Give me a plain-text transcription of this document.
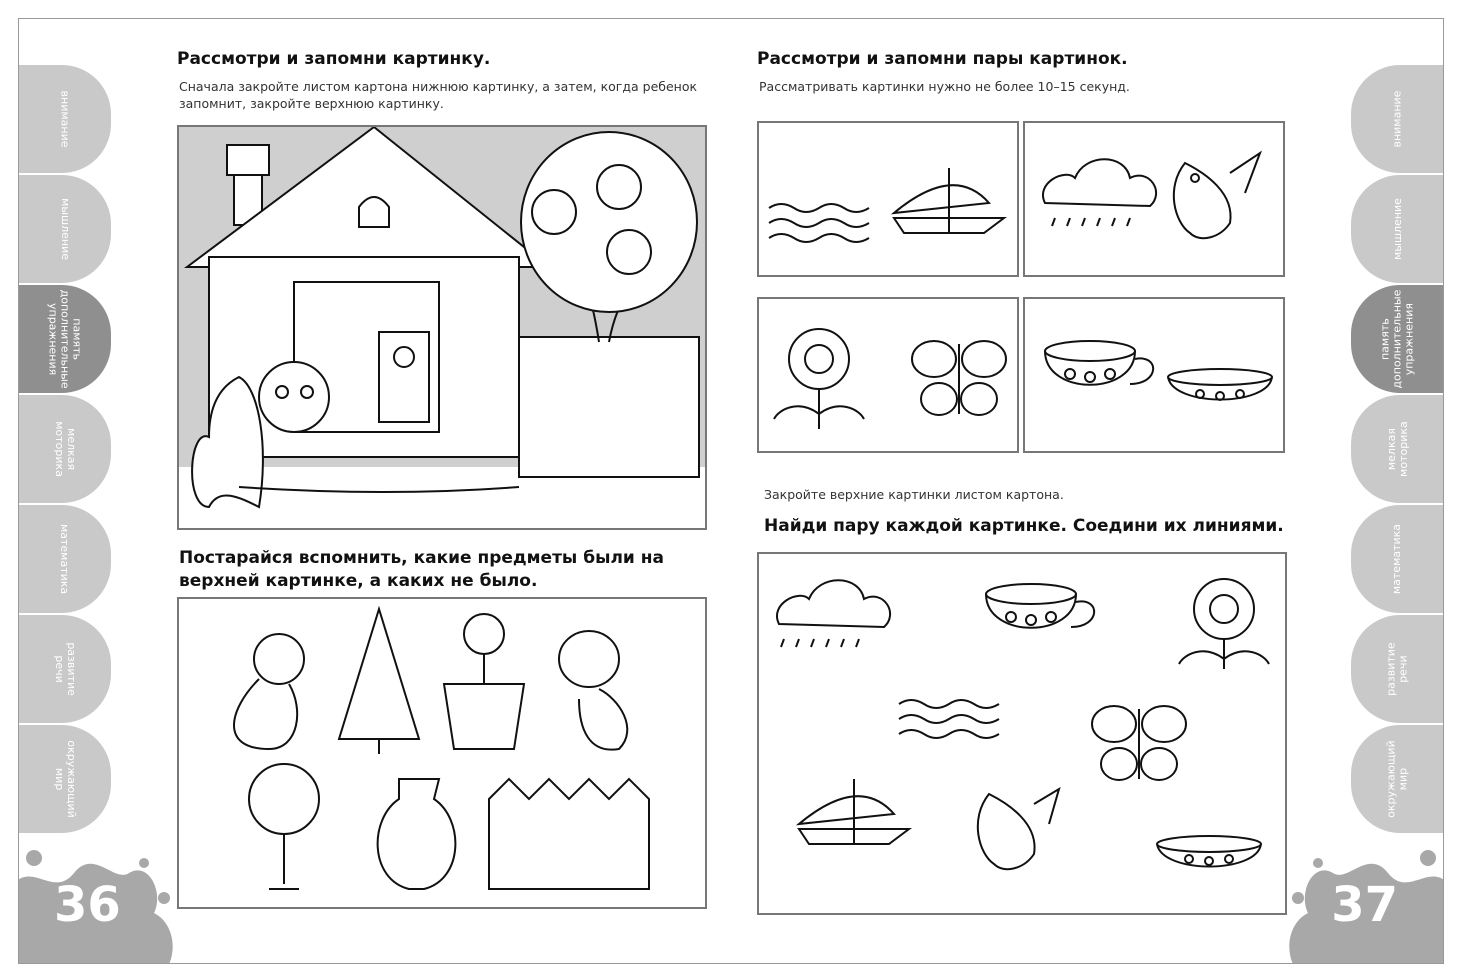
внимание
мышление
память
дополнительные
упражнения
мелкая
моторика
математика
развитие
речи
окружающий
мир
внимание
мышление
память
дополнительные
упражнения
мелкая
моторика
математика
развитие
речи
окружающий
мир
36	37
Рассмотри и запомни картинку.
Сначала закройте листом картона нижнюю картинку, а затем, когда ребенок запомнит, закройте верхнюю картинку.
Постарайся вспомнить, какие предметы были на верхней картинке, а каких не было.
Рассмотри и запомни пары картинок.
Рассматривать картинки нужно не более 10–15 секунд.
Закройте верхние картинки листом картона.
Найди пару каждой картинке. Соедини их линиями.
